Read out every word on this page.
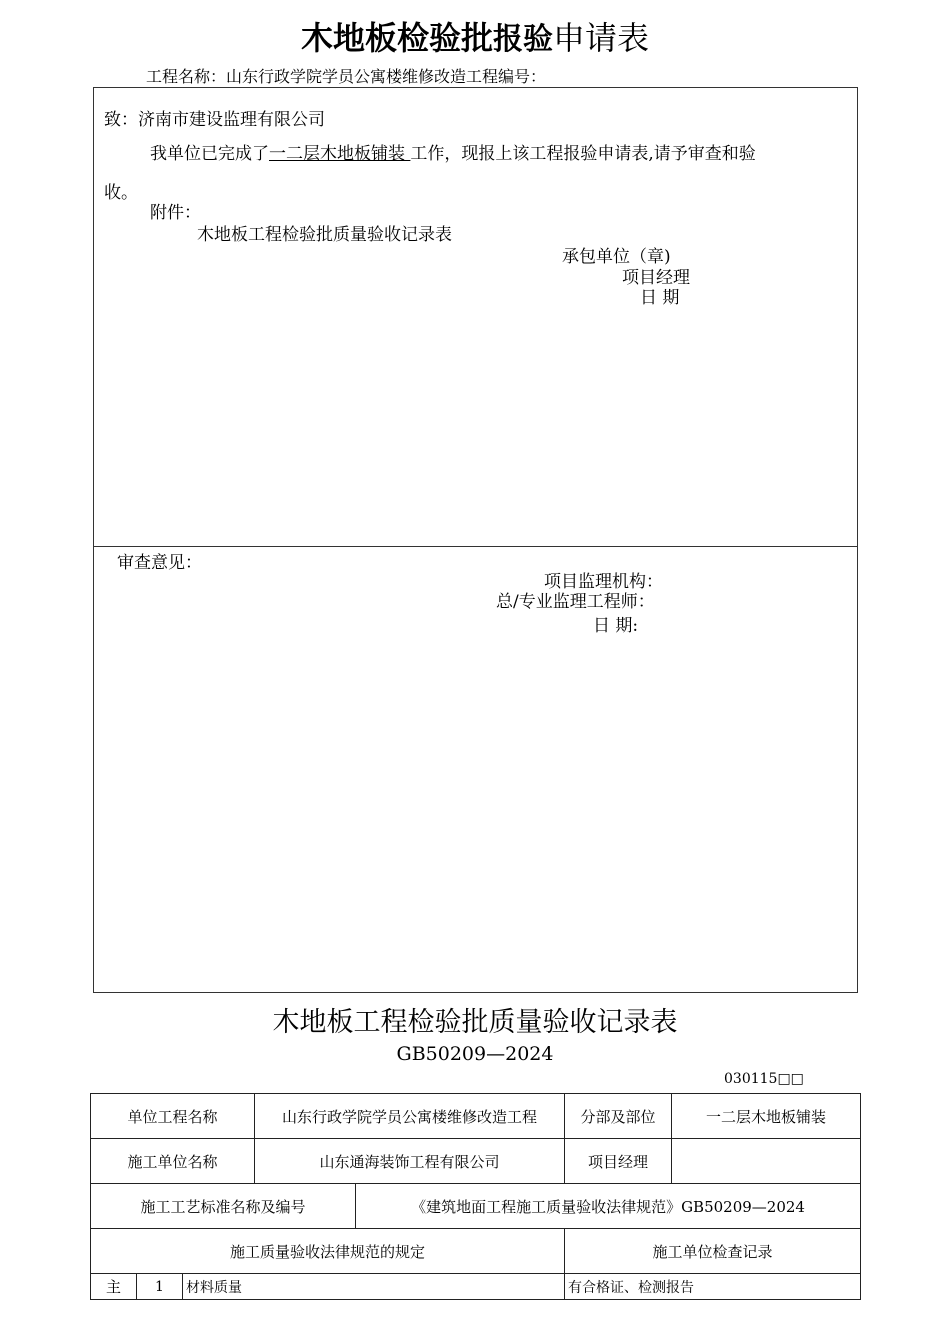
木地板检验批报验申请表
工程名称：山东行政学院学员公寓楼维修改造工程编号：
致：济南市建设监理有限公司
我单位已完成了一二层木地板铺装 工作，现报上该工程报验申请表,请予审查和验
收。
附件：
木地板工程检验批质量验收记录表
承包单位（章)
项目经理
日 期
审查意见：
项目监理机构：
总/专业监理工程师：
日 期:
木地板工程检验批质量验收记录表
GB50209—2024
030115□□
单位工程名称			山东行政学院学员公寓楼维修改造工程		分部及部位	一二层木地板铺装
施工单位名称			山东通海装饰工程有限公司		项目经理	
施工工艺标准名称及编号				《建筑地面工程施工质量验收法律规范》GB50209—2024		
施工质量验收法律规范的规定					施工单位检查记录	
主	1	材料质量			有合格证、检测报告	
